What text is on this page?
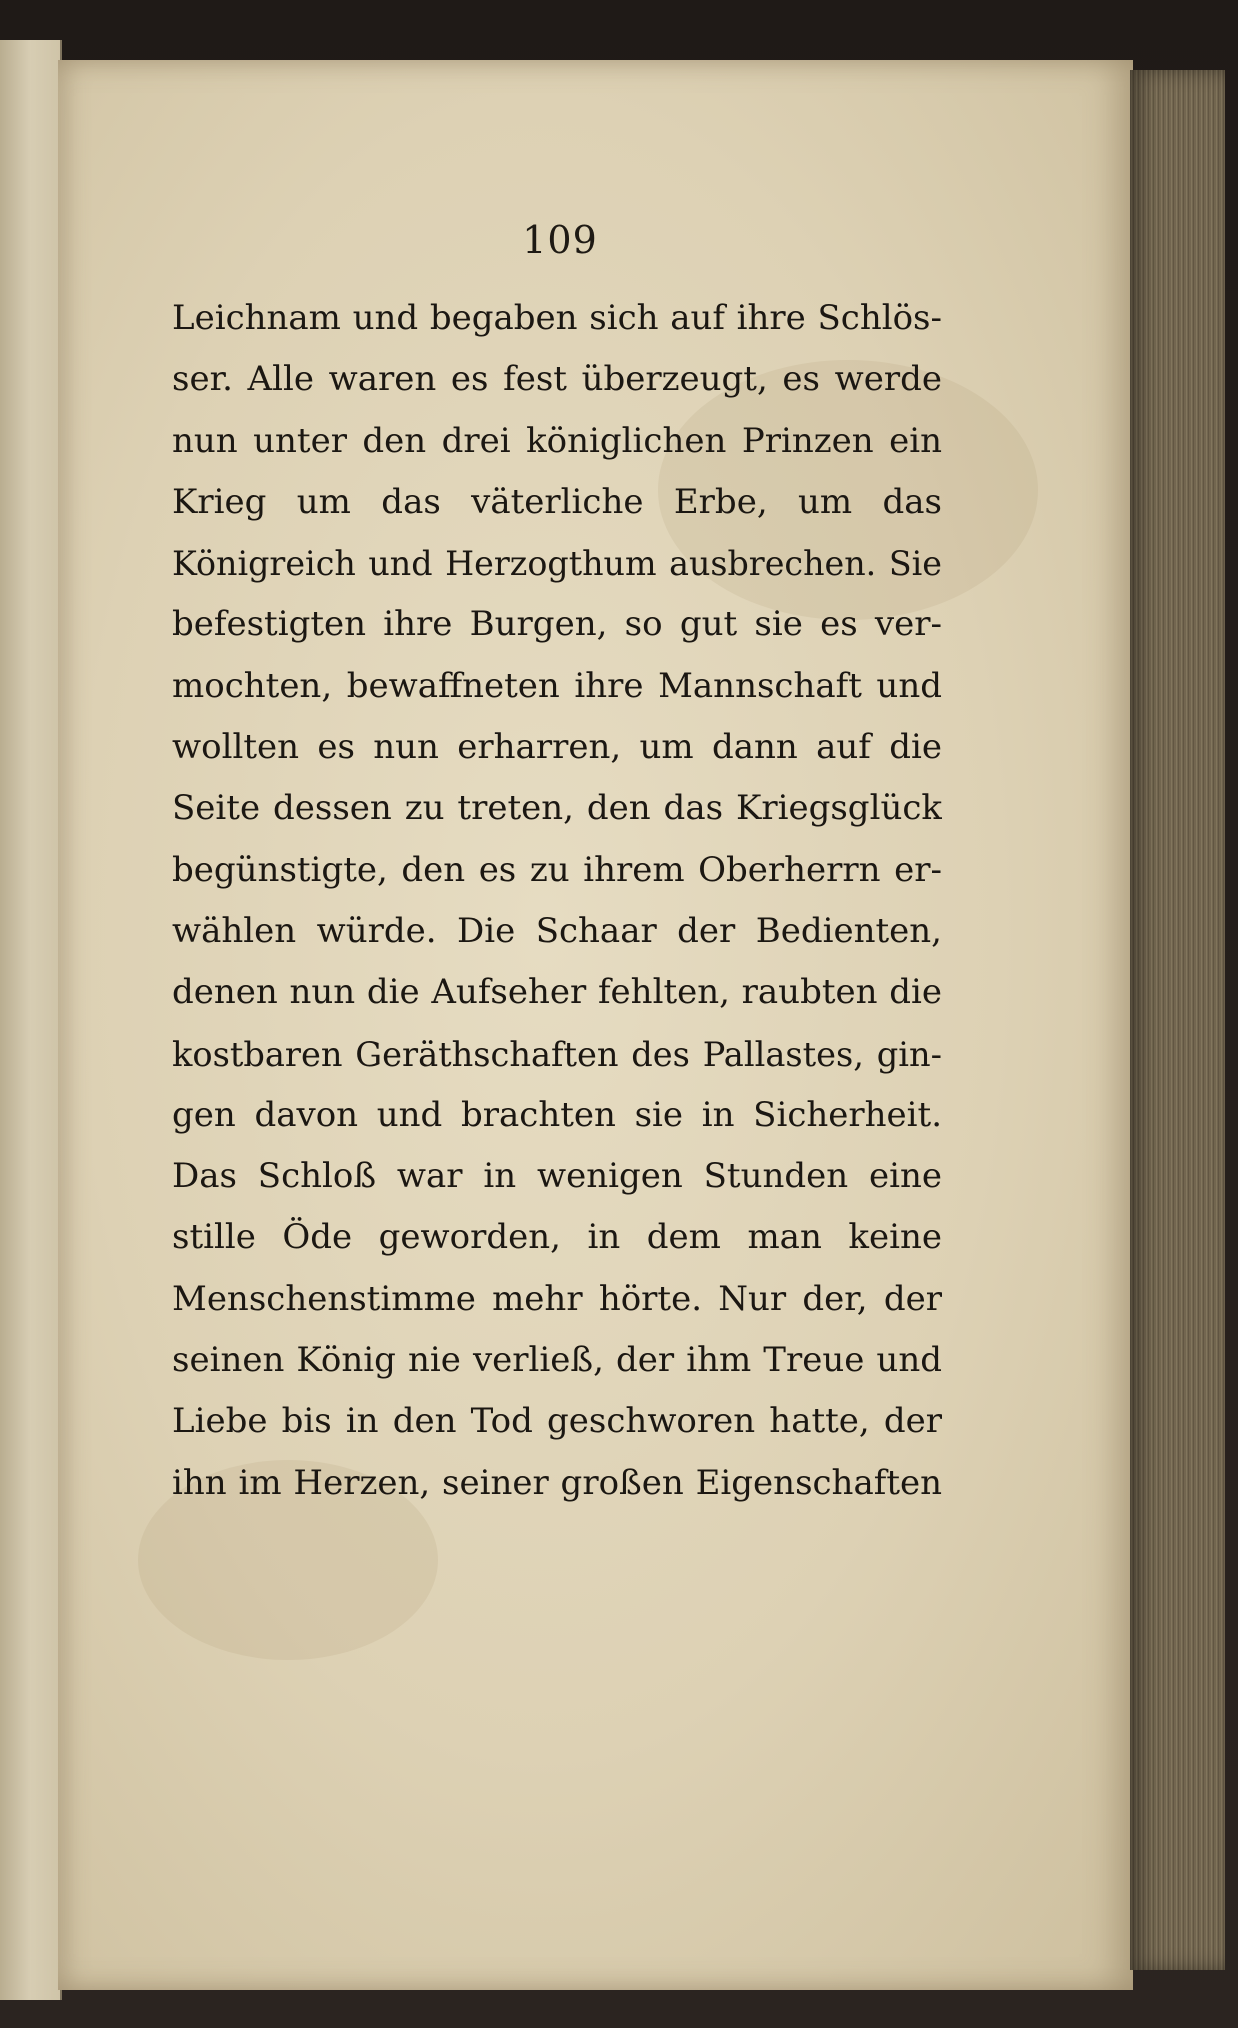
109
Leichnam und begaben sich auf ihre Schlös-
ser. Alle waren es fest überzeugt, es werde
nun unter den drei königlichen Prinzen ein
Krieg um das väterliche Erbe, um das
Königreich und Herzogthum ausbrechen. Sie
befestigten ihre Burgen, so gut sie es ver-
mochten, bewaffneten ihre Mannschaft und
wollten es nun erharren, um dann auf die
Seite dessen zu treten, den das Kriegsglück
begünstigte, den es zu ihrem Oberherrn er-
wählen würde. Die Schaar der Bedienten,
denen nun die Aufseher fehlten, raubten die
kostbaren Geräthschaften des Pallastes, gin-
gen davon und brachten sie in Sicherheit.
Das Schloß war in wenigen Stunden eine
stille Öde geworden, in dem man keine
Menschenstimme mehr hörte. Nur der, der
seinen König nie verließ, der ihm Treue und
Liebe bis in den Tod geschworen hatte, der
ihn im Herzen, seiner großen Eigenschaften
